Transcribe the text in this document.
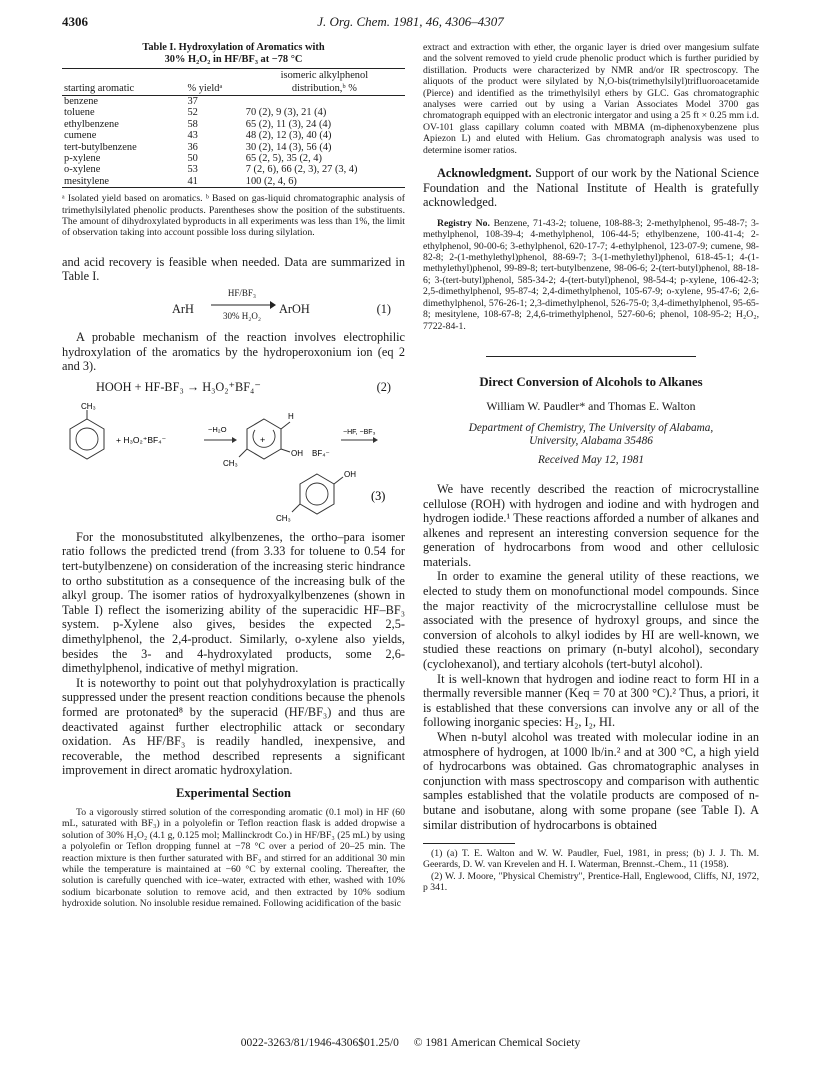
4306	J. Org. Chem. 1981, 46, 4306–4307
Table I. Hydroxylation of Aromatics with
30% H₂O₂ in HF/BF₃ at −78 °C
		isomeric alkylphenol
starting aromatic	% yieldᵃ	distribution,ᵇ %
benzene	37	
toluene	52	70 (2), 9 (3), 21 (4)
ethylbenzene	58	65 (2), 11 (3), 24 (4)
cumene	43	48 (2), 12 (3), 40 (4)
tert-butylbenzene	36	30 (2), 14 (3), 56 (4)
p-xylene	50	65 (2, 5), 35 (2, 4)
o-xylene	53	7 (2, 6), 66 (2, 3), 27 (3, 4)
mesitylene	41	100 (2, 4, 6)
ᵃ Isolated yield based on aromatics. ᵇ Based on gas-liquid chromatographic analysis of trimethylsilylated phenolic products. Parentheses show the position of the substituents. The amount of dihydroxylated byproducts in all experiments was less than 1%, the limit of observation taking into account possible loss during silylation.

and acid recovery is feasible when needed. Data are summarized in Table I.

ArH
HF/BF₃
30% H₂O₂	ArOH	(1)

A probable mechanism of the reaction involves electrophilic hydroxylation of the aromatics by the hydroperoxonium ion (eq 2 and 3).

HOOH + HF-BF₃ → H₃O₂⁺BF₄⁻	(2)
CH₃
+ H₃O₂⁺BF₄⁻
−H₂O
+
H
OH
CH₃
BF₄⁻
−HF, −BF₃
OH
CH₃
(3)

For the monosubstituted alkylbenzenes, the ortho–para isomer ratio follows the predicted trend (from 3.33 for toluene to 0.54 for tert-butylbenzene) on consideration of the increasing steric hindrance to ortho substitution as a consequence of the increasing bulk of the alkyl group. The isomer ratios of hydroxyalkylbenzenes (shown in Table I) reflect the isomerizing ability of the superacidic HF–BF₃ system. p-Xylene also gives, besides the expected 2,5-dimethylphenol, the 2,4-product. Similarly, o-xylene also yields, besides the 3- and 4-hydroxylated products, some 2,6-dimethylphenol, indicative of methyl migration.

It is noteworthy to point out that polyhydroxylation is practically suppressed under the present reaction conditions because the phenols formed are protonated⁸ by the superacid (HF/BF₃) and thus are deactivated against further electrophilic attack or secondary oxidation. As HF/BF₃ is readily handled, inexpensive, and recoverable, the method described represents a significant improvement in direct aromatic hydroxylation.

Experimental Section

To a vigorously stirred solution of the corresponding aromatic (0.1 mol) in HF (60 mL, saturated with BF₃) in a polyolefin or Teflon reaction flask is added dropwise a solution of 30% H₂O₂ (4.1 g, 0.125 mol; Mallinckrodt Co.) in HF/BF₃ (25 mL) by using a polyolefin or Teflon dropping funnel at −78 °C over a period of 20–25 min. The reaction mixture is then further saturated with BF₃ and stirred for an additional 30 min while the temperature is maintained at −60 °C by external cooling. Thereafter, the solution is carefully quenched with ice–water, extracted with ether, washed with 10% sodium bicarbonate solution to remove acid, and then extracted by 10% sodium hydroxide solution. No insoluble residue remained. Following acidification of the basic

extract and extraction with ether, the organic layer is dried over mangesium sulfate and the solvent removed to yield crude phenolic product which is further puridied by distillation. Products were characterized by NMR and/or IR spectroscopy. The aliquots of the product were silylated by N,O-bis(trimethylsilyl)trifluoroacetamide (Pierce) and identified as the trimethylsilyl ethers by GLC. Gas chromatographic analyses were carried out by using a Varian Associates Model 3700 gas chromatograph equipped with an electronic intergator and using a 25 ft × 0.25 mm i.d. OV-101 glass capillary column coated with MBMA (m-diphenoxybenzene plus Apiezon L) and eluted with Helium. Gas chromatograph analysis was used to determine isomer ratios.

Acknowledgment. Support of our work by the National Science Foundation and the National Institute of Health is gratefully acknowledged.

Registry No. Benzene, 71-43-2; toluene, 108-88-3; 2-methylphenol, 95-48-7; 3-methylphenol, 108-39-4; 4-methylphenol, 106-44-5; ethylbenzene, 100-41-4; 2-ethylphenol, 90-00-6; 3-ethylphenol, 620-17-7; 4-ethylphenol, 123-07-9; cumene, 98-82-8; 2-(1-methylethyl)phenol, 88-69-7; 3-(1-methylethyl)phenol, 618-45-1; 4-(1-methylethyl)phenol, 99-89-8; tert-butylbenzene, 98-06-6; 2-(tert-butyl)phenol, 88-18-6; 3-(tert-butyl)phenol, 585-34-2; 4-(tert-butyl)phenol, 98-54-4; p-xylene, 106-42-3; 2,5-dimethylphenol, 95-87-4; 2,4-dimethylphenol, 105-67-9; o-xylene, 95-47-6; 2,6-dimethylphenol, 576-26-1; 2,3-dimethylphenol, 526-75-0; 3,4-dimethylphenol, 95-65-8; mesitylene, 108-67-8; 2,4,6-trimethylphenol, 527-60-6; phenol, 108-95-2; H₂O₂, 7722-84-1.

Direct Conversion of Alcohols to Alkanes
William W. Paudler* and Thomas E. Walton
Department of Chemistry, The University of Alabama,
University, Alabama 35486
Received May 12, 1981

We have recently described the reaction of microcrystalline cellulose (ROH) with hydrogen and iodine and with hydrogen and hydrogen iodide.¹ These reactions afforded a number of alkanes and alkenes and represent an interesting conversion sequence for the generation of hydrocarbons from wood and other cellulosic materials.

In order to examine the general utility of these reactions, we elected to study them on monofunctional model compounds. Since the major reactivity of the microcrystalline cellulose must be associated with the presence of hydroxyl groups, and since the conversion of alcohols to alkyl iodides by HI are well-known, we studied these reactions on primary (n-butyl alcohol), secondary (cyclohexanol), and tertiary alcohols (tert-butyl alcohol).

It is well-known that hydrogen and iodine react to form HI in a thermally reversible manner (Keq = 70 at 300 °C).² Thus, a priori, it is established that these conversions can involve any or all of the following inorganic species: H₂, I₂, HI.

When n-butyl alcohol was treated with molecular iodine in an atmosphere of hydrogen, at 1000 lb/in.² and at 300 °C, a high yield of hydrocarbons was obtained. Gas chromatographic analyses in conjunction with mass spectroscopy and comparison with authentic samples established that the volatile products are composed of n-butane and isobutane, along with some propane (see Table I). A similar distribution of hydrocarbons is obtained

(1) (a) T. E. Walton and W. W. Paudler, Fuel, 1981, in press; (b) J. J. Th. M. Geerards, D. W. van Krevelen and H. I. Waterman, Brennst.-Chem., 11 (1958).
(2) W. J. Moore, "Physical Chemistry", Prentice-Hall, Englewood, Cliffs, NJ, 1972, p 341.
0022-3263/81/1946-4306$01.25/0 © 1981 American Chemical Society
